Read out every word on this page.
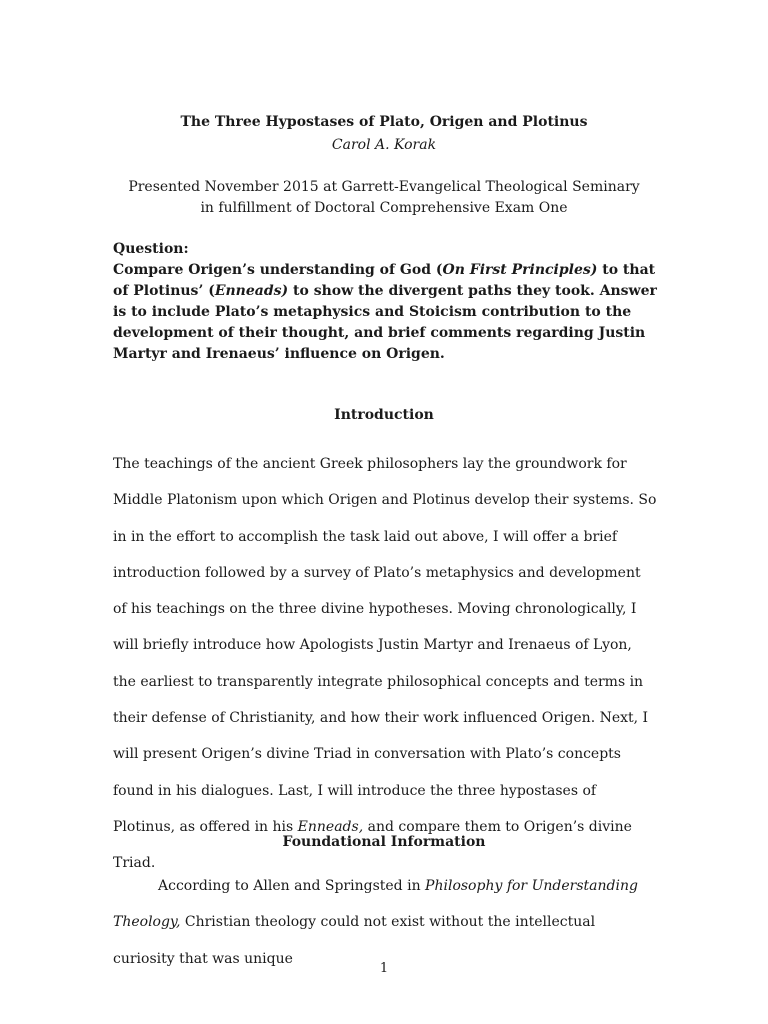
The Three Hypostases of Plato, Origen and Plotinus
Carol A. Korak
Presented November 2015 at Garrett-Evangelical Theological Seminary
in fulfillment of Doctoral Comprehensive Exam One
Question:
Compare Origen’s understanding of God (On First Principles) to that of Plotinus’ (Enneads) to show the divergent paths they took. Answer is to include Plato’s metaphysics and Stoicism contribution to the development of their thought, and brief comments regarding Justin Martyr and Irenaeus’ influence on Origen.
Introduction
The teachings of the ancient Greek philosophers lay the groundwork for Middle Platonism upon which Origen and Plotinus develop their systems. So in in the effort to accomplish the task laid out above, I will offer a brief introduction followed by a survey of Plato’s metaphysics and development of his teachings on the three divine hypotheses. Moving chronologically, I will briefly introduce how Apologists Justin Martyr and Irenaeus of Lyon, the earliest to transparently integrate philosophical concepts and terms in their defense of Christianity, and how their work influenced Origen. Next, I will present Origen’s divine Triad in conversation with Plato’s concepts found in his dialogues. Last, I will introduce the three hypostases of Plotinus, as offered in his Enneads, and compare them to Origen’s divine Triad.
Foundational Information
According to Allen and Springsted in Philosophy for Understanding Theology, Christian theology could not exist without the intellectual curiosity that was unique
1
